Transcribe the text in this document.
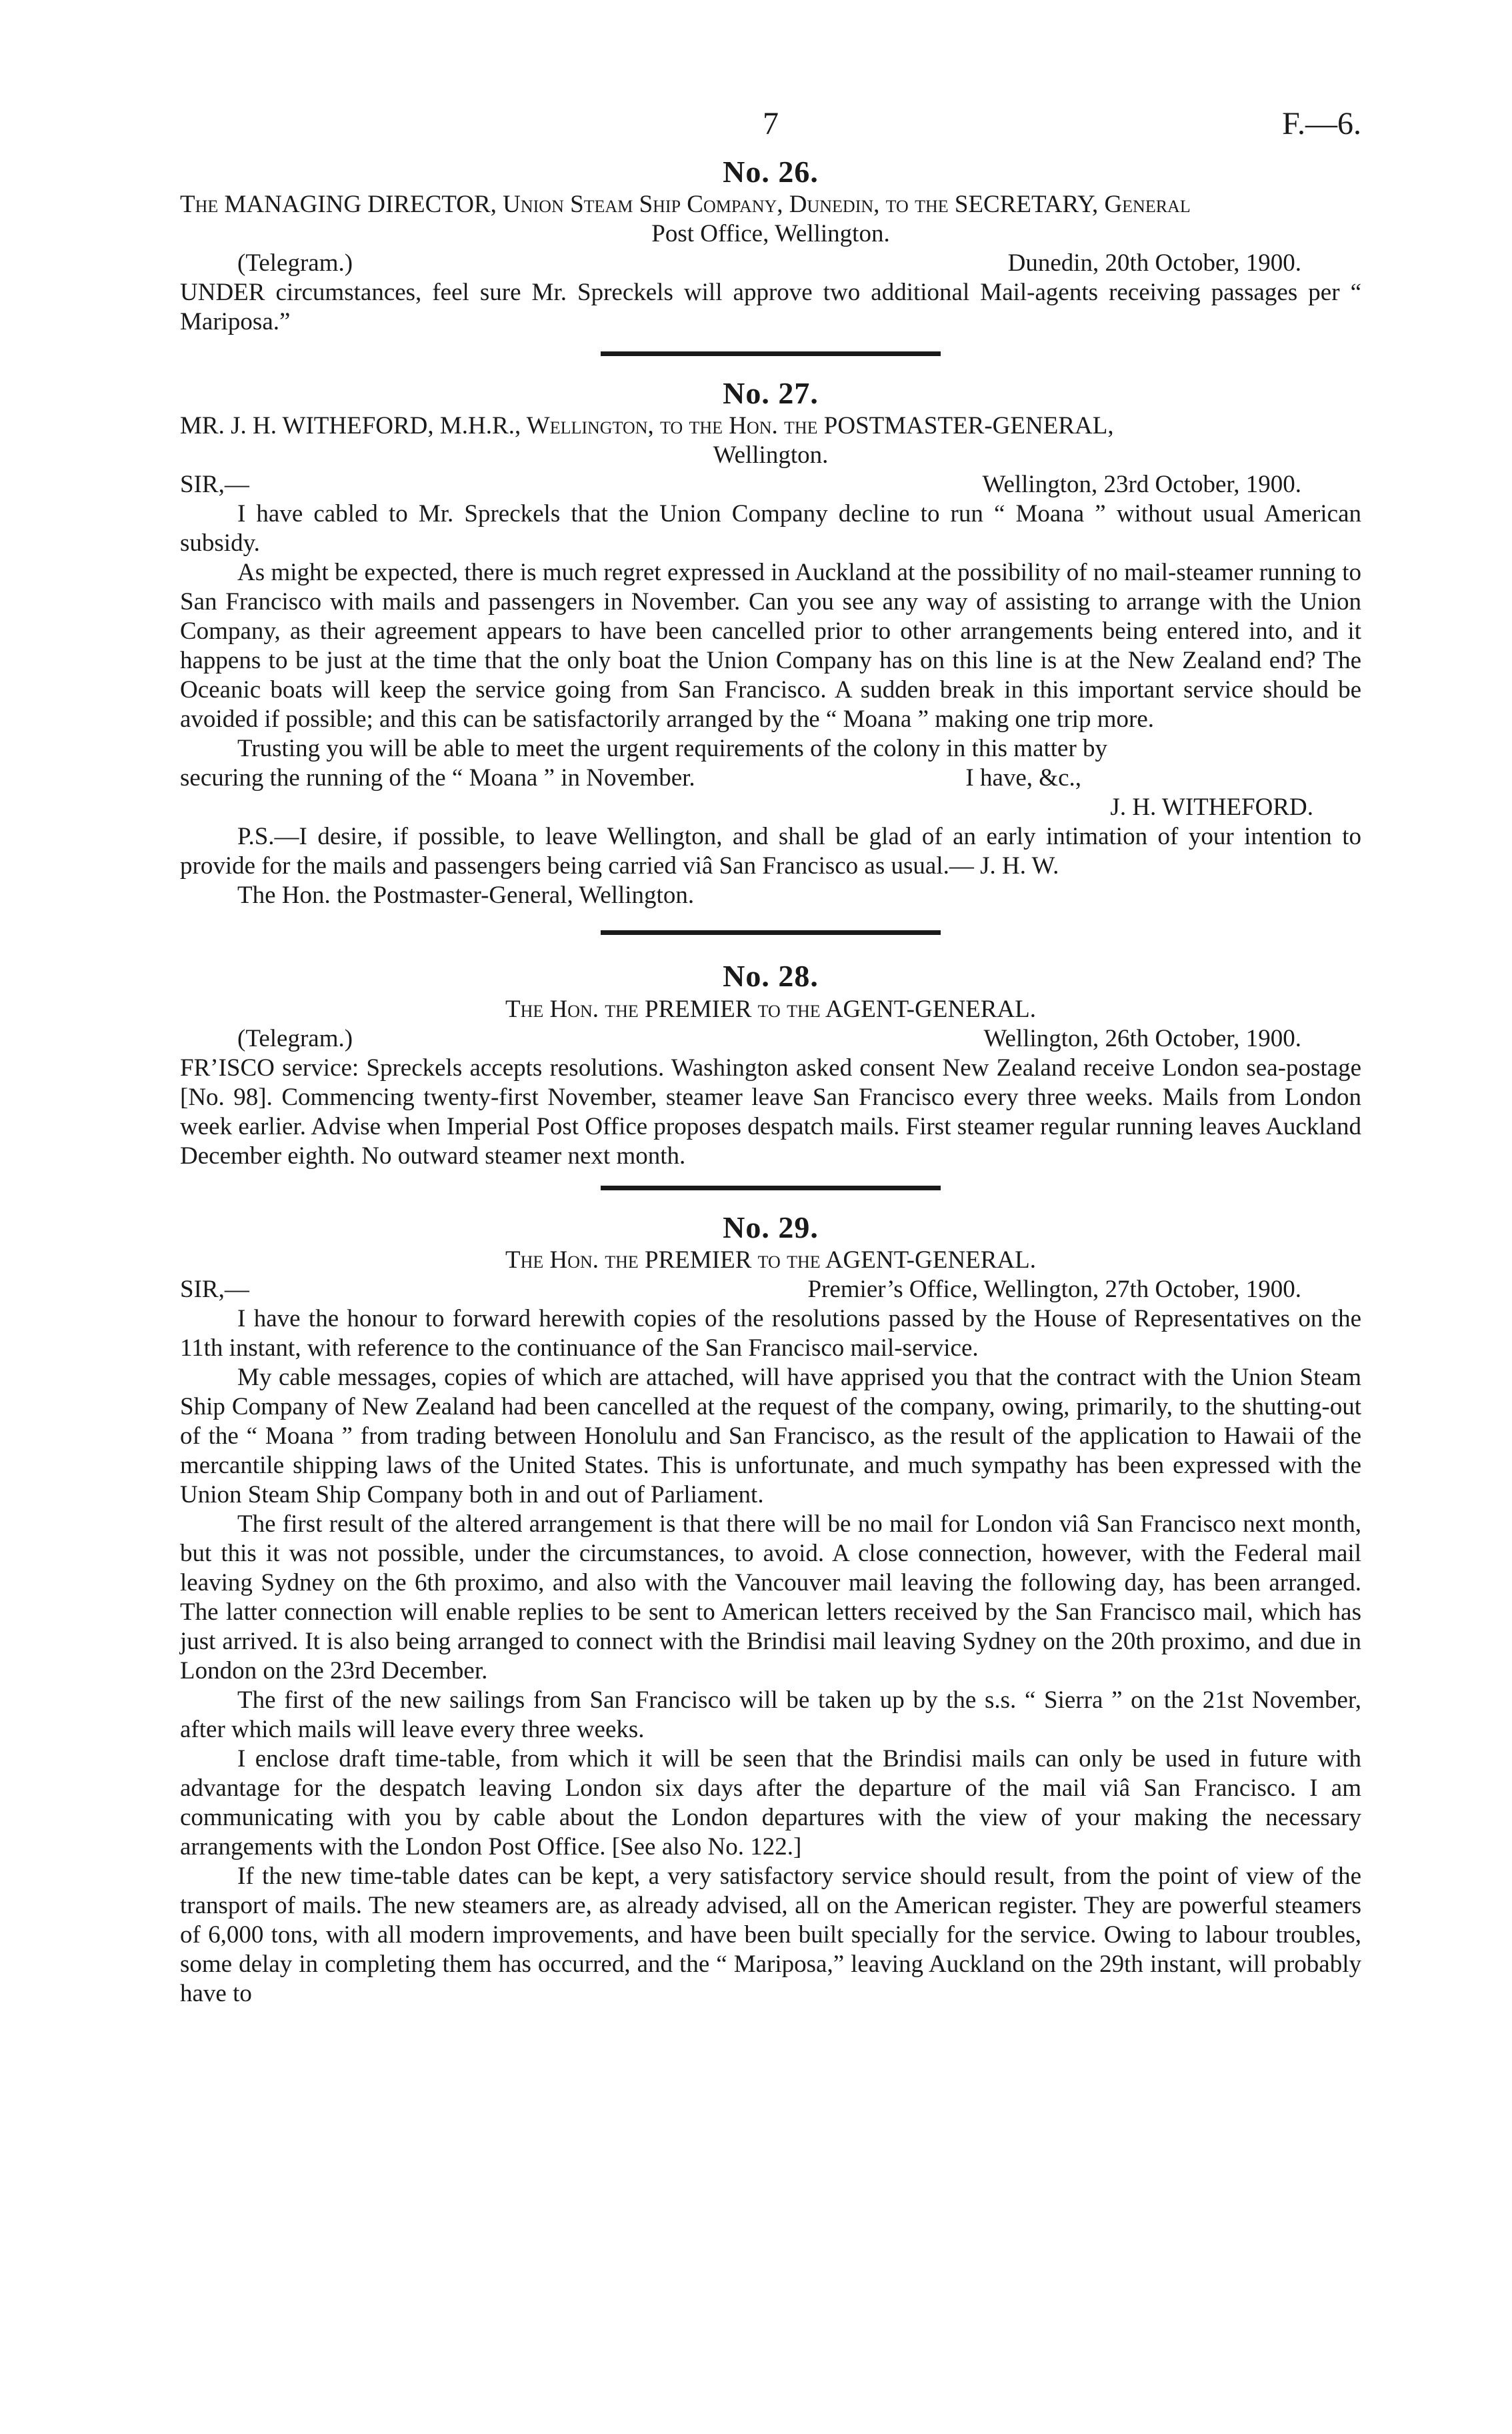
7	F.—6.
No. 26.

The MANAGING DIRECTOR, Union Steam Ship Company, Dunedin, to the SECRETARY, General

Post Office, Wellington.

(Telegram.)	Dunedin, 20th October, 1900.

UNDER circumstances, feel sure Mr. Spreckels will approve two additional Mail-agents receiving passages per “ Mariposa.”

No. 27.

MR. J. H. WITHEFORD, M.H.R., Wellington, to the Hon. the POSTMASTER-GENERAL,

Wellington.

SIR,—	Wellington, 23rd October, 1900.

I have cabled to Mr. Spreckels that the Union Company decline to run “ Moana ” without usual American subsidy.

As might be expected, there is much regret expressed in Auckland at the possibility of no mail-steamer running to San Francisco with mails and passengers in November. Can you see any way of assisting to arrange with the Union Company, as their agreement appears to have been cancelled prior to other arrangements being entered into, and it happens to be just at the time that the only boat the Union Company has on this line is at the New Zealand end? The Oceanic boats will keep the service going from San Francisco. A sudden break in this important service should be avoided if possible; and this can be satisfactorily arranged by the “ Moana ” making one trip more.

Trusting you will be able to meet the urgent requirements of the colony in this matter by

securing the running of the “ Moana ” in November.	I have, &c.,
J. H. WITHEFORD.

P.S.—I desire, if possible, to leave Wellington, and shall be glad of an early intimation of your intention to provide for the mails and passengers being carried viâ San Francisco as usual.— J. H. W.

The Hon. the Postmaster-General, Wellington.

No. 28.

The Hon. the PREMIER to the AGENT-GENERAL.

(Telegram.)	Wellington, 26th October, 1900.

FR’ISCO service: Spreckels accepts resolutions. Washington asked consent New Zealand receive London sea-postage [No. 98]. Commencing twenty-first November, steamer leave San Francisco every three weeks. Mails from London week earlier. Advise when Imperial Post Office proposes despatch mails. First steamer regular running leaves Auckland December eighth. No outward steamer next month.

No. 29.

The Hon. the PREMIER to the AGENT-GENERAL.

SIR,—	Premier’s Office, Wellington, 27th October, 1900.

I have the honour to forward herewith copies of the resolutions passed by the House of Representatives on the 11th instant, with reference to the continuance of the San Francisco mail-service.

My cable messages, copies of which are attached, will have apprised you that the contract with the Union Steam Ship Company of New Zealand had been cancelled at the request of the company, owing, primarily, to the shutting-out of the “ Moana ” from trading between Honolulu and San Francisco, as the result of the application to Hawaii of the mercantile shipping laws of the United States. This is unfortunate, and much sympathy has been expressed with the Union Steam Ship Company both in and out of Parliament.

The first result of the altered arrangement is that there will be no mail for London viâ San Francisco next month, but this it was not possible, under the circumstances, to avoid. A close connection, however, with the Federal mail leaving Sydney on the 6th proximo, and also with the Vancouver mail leaving the following day, has been arranged. The latter connection will enable replies to be sent to American letters received by the San Francisco mail, which has just arrived. It is also being arranged to connect with the Brindisi mail leaving Sydney on the 20th proximo, and due in London on the 23rd December.

The first of the new sailings from San Francisco will be taken up by the s.s. “ Sierra ” on the 21st November, after which mails will leave every three weeks.

I enclose draft time-table, from which it will be seen that the Brindisi mails can only be used in future with advantage for the despatch leaving London six days after the departure of the mail viâ San Francisco. I am communicating with you by cable about the London departures with the view of your making the necessary arrangements with the London Post Office. [See also No. 122.]

If the new time-table dates can be kept, a very satisfactory service should result, from the point of view of the transport of mails. The new steamers are, as already advised, all on the American register. They are powerful steamers of 6,000 tons, with all modern improvements, and have been built specially for the service. Owing to labour troubles, some delay in completing them has occurred, and the “ Mariposa,” leaving Auckland on the 29th instant, will probably have to
